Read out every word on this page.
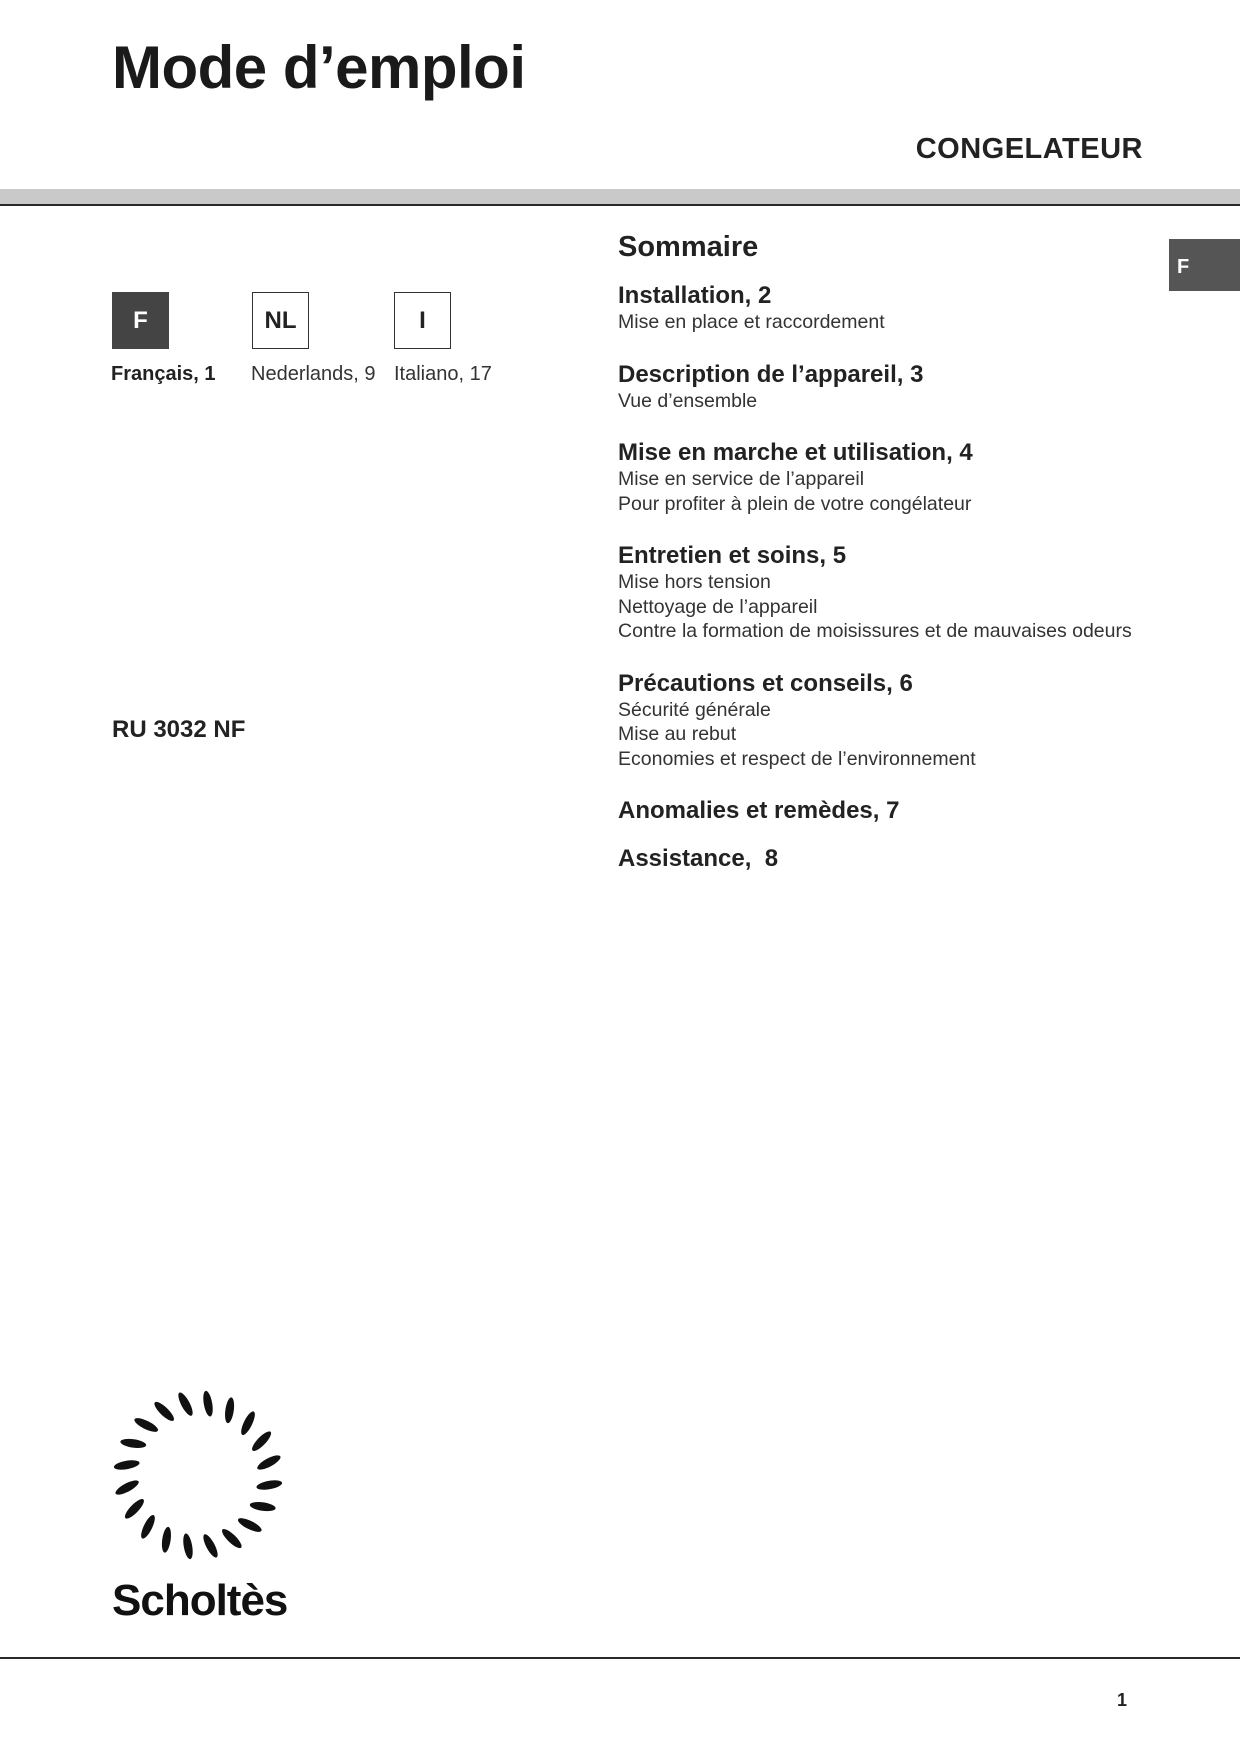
Mode d’emploi
CONGELATEUR
F	NL	I
Français, 1 Nederlands, 9 Italiano, 17
RU 3032 NF
F
Sommaire
Installation, 2
Mise en place et raccordement
Description de l’appareil, 3
Vue d’ensemble
Mise en marche et utilisation, 4
Mise en service de l’appareil
Pour profiter à plein de votre congélateur
Entretien et soins, 5
Mise hors tension
Nettoyage de l’appareil
Contre la formation de moisissures et de mauvaises odeurs
Précautions et conseils, 6
Sécurité générale
Mise au rebut
Economies et respect de l’environnement
Anomalies et remèdes, 7
Assistance,  8
Scholtès
1
